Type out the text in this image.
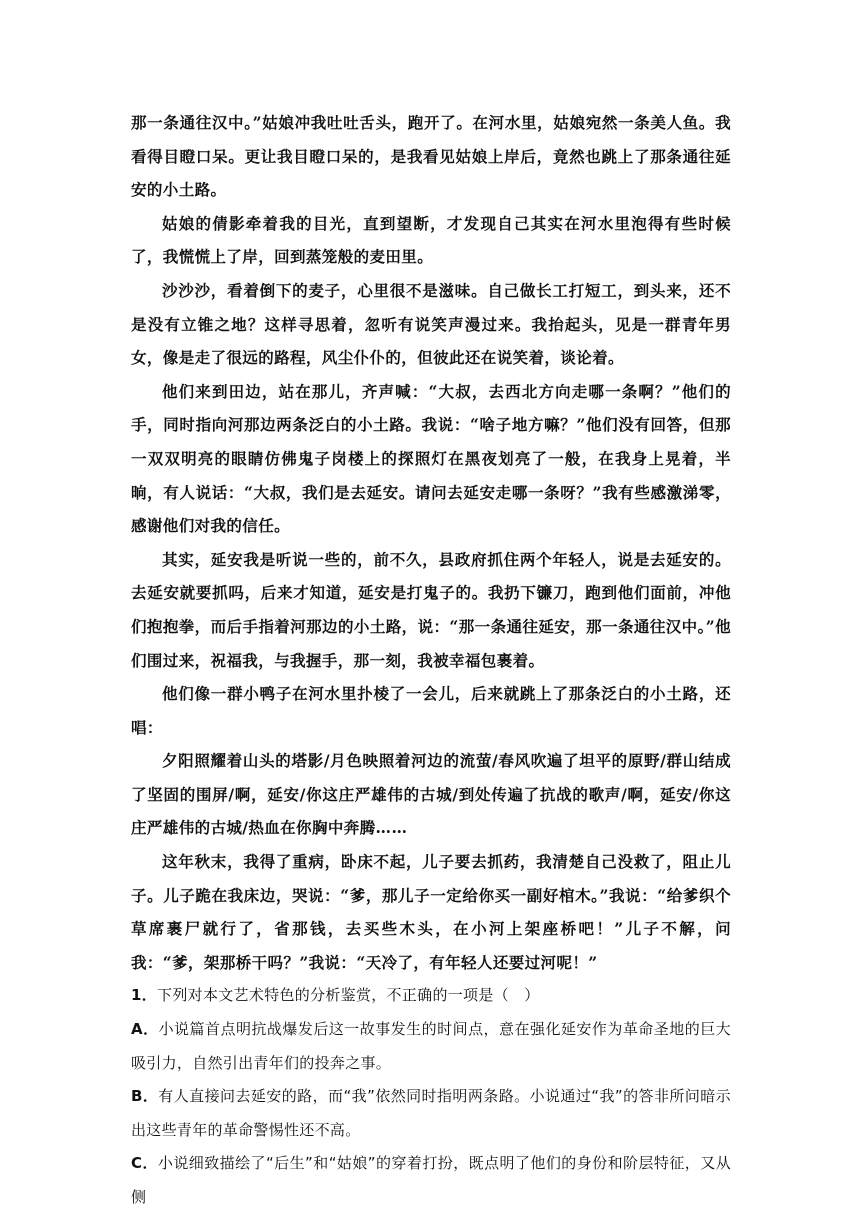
那一条通往汉中。”姑娘冲我吐吐舌头，跑开了。在河水里，姑娘宛然一条美人鱼。我看得目瞪口呆。更让我目瞪口呆的，是我看见姑娘上岸后，竟然也跳上了那条通往延安的小土路。

姑娘的倩影牵着我的目光，直到望断，才发现自己其实在河水里泡得有些时候了，我慌慌上了岸，回到蒸笼般的麦田里。

沙沙沙，看着倒下的麦子，心里很不是滋味。自己做长工打短工，到头来，还不是没有立锥之地？这样寻思着，忽听有说笑声漫过来。我抬起头，见是一群青年男女，像是走了很远的路程，风尘仆仆的，但彼此还在说笑着，谈论着。

他们来到田边，站在那儿，齐声喊：“大叔，去西北方向走哪一条啊？”他们的手，同时指向河那边两条泛白的小土路。我说：“啥子地方嘛？”他们没有回答，但那一双双明亮的眼睛仿佛鬼子岗楼上的探照灯在黑夜划亮了一般，在我身上晃着，半晌，有人说话：“大叔，我们是去延安。请问去延安走哪一条呀？”我有些感激涕零，感谢他们对我的信任。

其实，延安我是听说一些的，前不久，县政府抓住两个年轻人，说是去延安的。去延安就要抓吗，后来才知道，延安是打鬼子的。我扔下镰刀，跑到他们面前，冲他们抱抱拳，而后手指着河那边的小土路，说：“那一条通往延安，那一条通往汉中。”他们围过来，祝福我，与我握手，那一刻，我被幸福包裹着。

他们像一群小鸭子在河水里扑棱了一会儿，后来就跳上了那条泛白的小土路，还唱：

夕阳照耀着山头的塔影/月色映照着河边的流萤/春风吹遍了坦平的原野/群山结成了坚固的围屏/啊，延安/你这庄严雄伟的古城/到处传遍了抗战的歌声/啊，延安/你这庄严雄伟的古城/热血在你胸中奔腾……

这年秋末，我得了重病，卧床不起，儿子要去抓药，我清楚自己没救了，阻止儿子。儿子跪在我床边，哭说：“爹，那儿子一定给你买一副好棺木。”我说：“给爹织个草席裹尸就行了，省那钱，去买些木头，在小河上架座桥吧！”儿子不解，问我：“爹，架那桥干吗？”我说：“天冷了，有年轻人还要过河呢！”

1．下列对本文艺术特色的分析鉴赏，不正确的一项是（　）

A．小说篇首点明抗战爆发后这一故事发生的时间点，意在强化延安作为革命圣地的巨大吸引力，自然引出青年们的投奔之事。

B．有人直接问去延安的路，而“我”依然同时指明两条路。小说通过“我”的答非所问暗示出这些青年的革命警惕性还不高。

C．小说细致描绘了“后生”和“姑娘”的穿着打扮，既点明了他们的身份和阶层特征，又从侧
